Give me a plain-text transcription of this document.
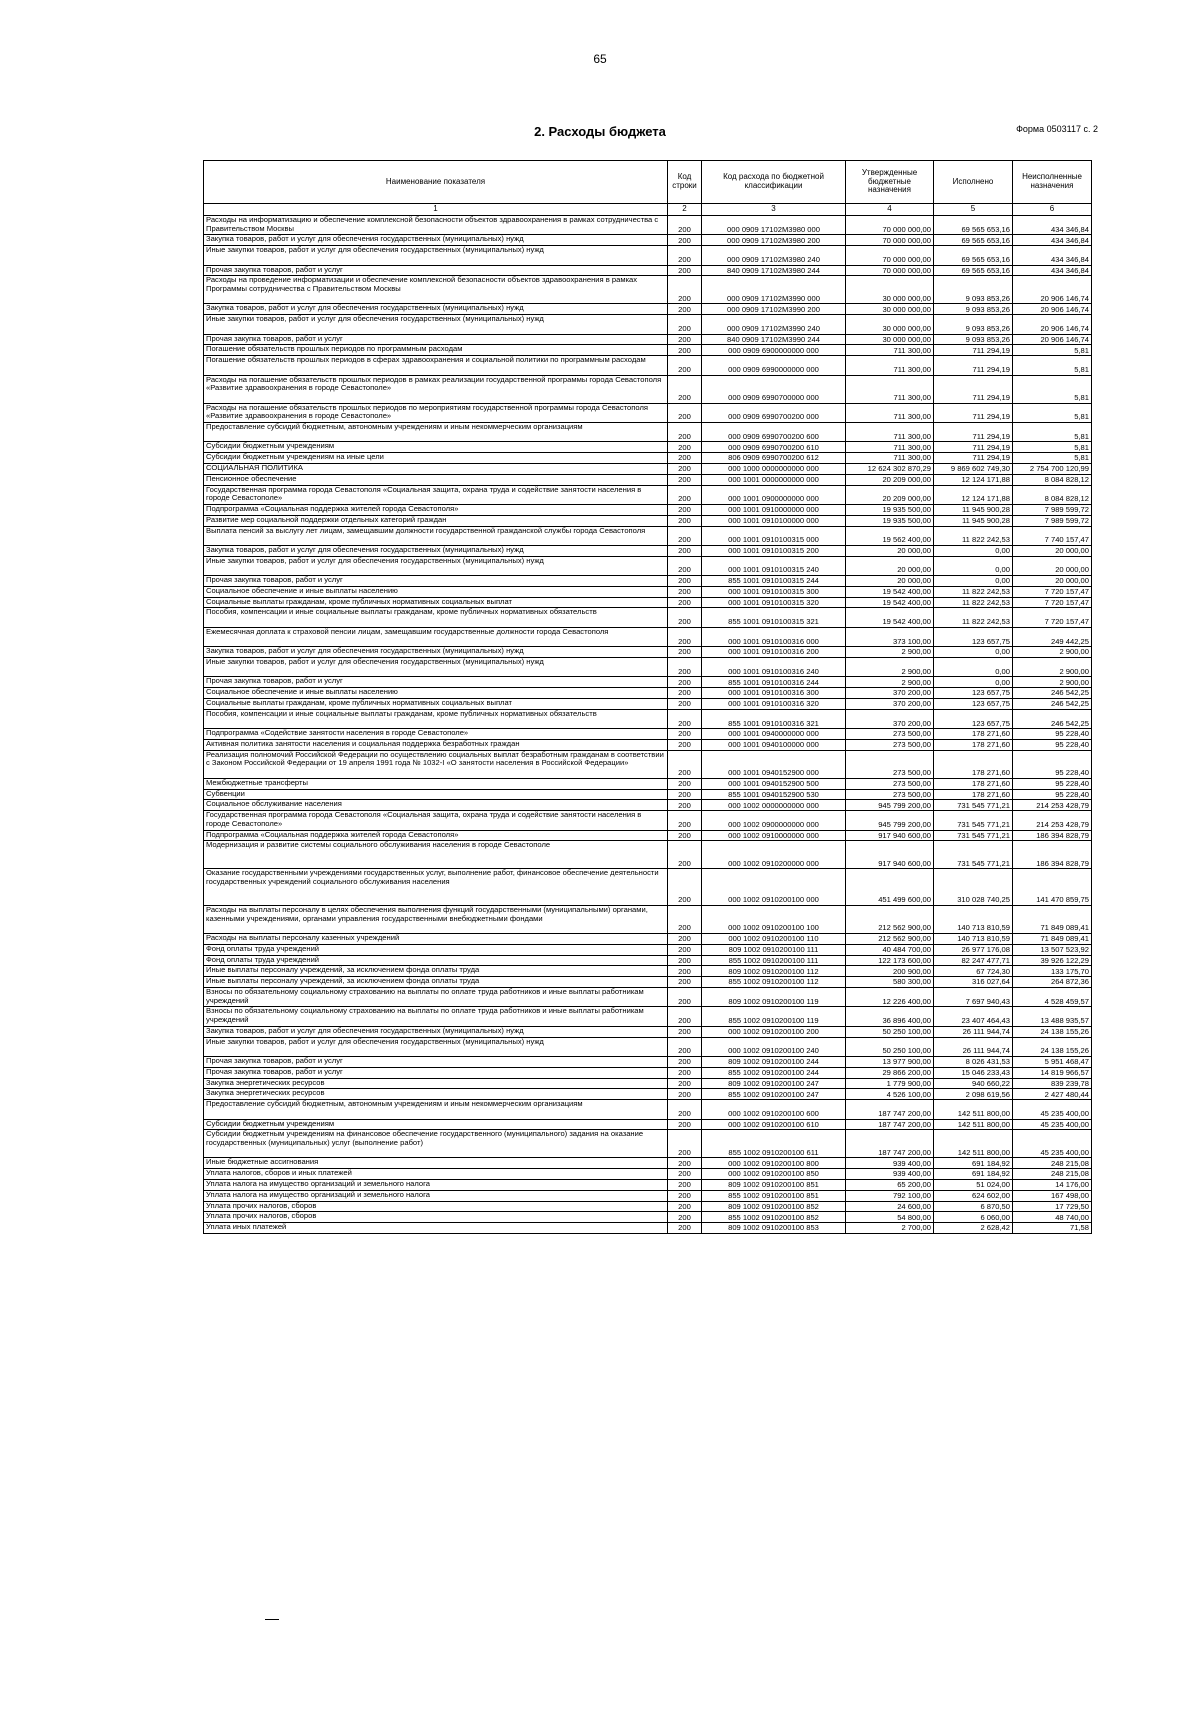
65
Форма 0503117 с. 2
2. Расходы бюджета
Наименование показателя	Код строки	Код расхода по бюджетной классификации	Утвержденные бюджетные назначения	Исполнено	Неисполненные назначения
1	2	3	4	5	6
Расходы на информатизацию и обеспечение комплексной безопасности объектов здравоохранения в рамках сотрудничества с Правительством Москвы	200	000 0909 17102M3980 000	70 000 000,00	69 565 653,16	434 346,84
Закупка товаров, работ и услуг для обеспечения государственных (муниципальных) нужд	200	000 0909 17102M3980 200	70 000 000,00	69 565 653,16	434 346,84
Иные закупки товаров, работ и услуг для обеспечения государственных (муниципальных) нужд	200	000 0909 17102M3980 240	70 000 000,00	69 565 653,16	434 346,84
Прочая закупка товаров, работ и услуг	200	840 0909 17102M3980 244	70 000 000,00	69 565 653,16	434 346,84
Расходы на проведение информатизации и обеспечение комплексной безопасности объектов здравоохранения в рамках Программы сотрудничества с Правительством Москвы	200	000 0909 17102M3990 000	30 000 000,00	9 093 853,26	20 906 146,74
Закупка товаров, работ и услуг для обеспечения государственных (муниципальных) нужд	200	000 0909 17102M3990 200	30 000 000,00	9 093 853,26	20 906 146,74
Иные закупки товаров, работ и услуг для обеспечения государственных (муниципальных) нужд	200	000 0909 17102M3990 240	30 000 000,00	9 093 853,26	20 906 146,74
Прочая закупка товаров, работ и услуг	200	840 0909 17102M3990 244	30 000 000,00	9 093 853,26	20 906 146,74
Погашение обязательств прошлых периодов по программным расходам	200	000 0909 6900000000 000	711 300,00	711 294,19	5,81
Погашение обязательств прошлых периодов в сферах здравоохранения и социальной политики по программным расходам	200	000 0909 6990000000 000	711 300,00	711 294,19	5,81
Расходы на погашение обязательств прошлых периодов в рамках реализации государственной программы города Севастополя «Развитие здравоохранения в городе Севастополе»	200	000 0909 6990700000 000	711 300,00	711 294,19	5,81
Расходы на погашение обязательств прошлых периодов по мероприятиям государственной программы города Севастополя «Развитие здравоохранения в городе Севастополе»	200	000 0909 6990700200 000	711 300,00	711 294,19	5,81
Предоставление субсидий бюджетным, автономным учреждениям и иным некоммерческим организациям	200	000 0909 6990700200 600	711 300,00	711 294,19	5,81
Субсидии бюджетным учреждениям	200	000 0909 6990700200 610	711 300,00	711 294,19	5,81
Субсидии бюджетным учреждениям на иные цели	200	806 0909 6990700200 612	711 300,00	711 294,19	5,81
СОЦИАЛЬНАЯ ПОЛИТИКА	200	000 1000 0000000000 000	12 624 302 870,29	9 869 602 749,30	2 754 700 120,99
Пенсионное обеспечение	200	000 1001 0000000000 000	20 209 000,00	12 124 171,88	8 084 828,12
Государственная программа города Севастополя «Социальная защита, охрана труда и содействие занятости населения в городе Севастополе»	200	000 1001 0900000000 000	20 209 000,00	12 124 171,88	8 084 828,12
Подпрограмма «Социальная поддержка жителей города Севастополя»	200	000 1001 0910000000 000	19 935 500,00	11 945 900,28	7 989 599,72
Развитие мер социальной поддержки отдельных категорий граждан	200	000 1001 0910100000 000	19 935 500,00	11 945 900,28	7 989 599,72
Выплата пенсий за выслугу лет лицам, замещавшим должности государственной гражданской службы города Севастополя	200	000 1001 0910100315 000	19 562 400,00	11 822 242,53	7 740 157,47
Закупка товаров, работ и услуг для обеспечения государственных (муниципальных) нужд	200	000 1001 0910100315 200	20 000,00	0,00	20 000,00
Иные закупки товаров, работ и услуг для обеспечения государственных (муниципальных) нужд	200	000 1001 0910100315 240	20 000,00	0,00	20 000,00
Прочая закупка товаров, работ и услуг	200	855 1001 0910100315 244	20 000,00	0,00	20 000,00
Социальное обеспечение и иные выплаты населению	200	000 1001 0910100315 300	19 542 400,00	11 822 242,53	7 720 157,47
Социальные выплаты гражданам, кроме публичных нормативных социальных выплат	200	000 1001 0910100315 320	19 542 400,00	11 822 242,53	7 720 157,47
Пособия, компенсации и иные социальные выплаты гражданам, кроме публичных нормативных обязательств	200	855 1001 0910100315 321	19 542 400,00	11 822 242,53	7 720 157,47
Ежемесячная доплата к страховой пенсии лицам, замещавшим государственные должности города Севастополя	200	000 1001 0910100316 000	373 100,00	123 657,75	249 442,25
Закупка товаров, работ и услуг для обеспечения государственных (муниципальных) нужд	200	000 1001 0910100316 200	2 900,00	0,00	2 900,00
Иные закупки товаров, работ и услуг для обеспечения государственных (муниципальных) нужд	200	000 1001 0910100316 240	2 900,00	0,00	2 900,00
Прочая закупка товаров, работ и услуг	200	855 1001 0910100316 244	2 900,00	0,00	2 900,00
Социальное обеспечение и иные выплаты населению	200	000 1001 0910100316 300	370 200,00	123 657,75	246 542,25
Социальные выплаты гражданам, кроме публичных нормативных социальных выплат	200	000 1001 0910100316 320	370 200,00	123 657,75	246 542,25
Пособия, компенсации и иные социальные выплаты гражданам, кроме публичных нормативных обязательств	200	855 1001 0910100316 321	370 200,00	123 657,75	246 542,25
Подпрограмма «Содействие занятости населения в городе Севастополе»	200	000 1001 0940000000 000	273 500,00	178 271,60	95 228,40
Активная политика занятости населения и социальная поддержка безработных граждан	200	000 1001 0940100000 000	273 500,00	178 271,60	95 228,40
Реализация полномочий Российской Федерации по осуществлению социальных выплат безработным гражданам в соответствии с Законом Российской Федерации от 19 апреля 1991 года № 1032-I «О занятости населения в Российской Федерации»	200	000 1001 0940152900 000	273 500,00	178 271,60	95 228,40
Межбюджетные трансферты	200	000 1001 0940152900 500	273 500,00	178 271,60	95 228,40
Субвенции	200	855 1001 0940152900 530	273 500,00	178 271,60	95 228,40
Социальное обслуживание населения	200	000 1002 0000000000 000	945 799 200,00	731 545 771,21	214 253 428,79
Государственная программа города Севастополя «Социальная защита, охрана труда и содействие занятости населения в городе Севастополе»	200	000 1002 0900000000 000	945 799 200,00	731 545 771,21	214 253 428,79
Подпрограмма «Социальная поддержка жителей города Севастополя»	200	000 1002 0910000000 000	917 940 600,00	731 545 771,21	186 394 828,79
Модернизация и развитие системы социального обслуживания населения в городе Севастополе	200	000 1002 0910200000 000	917 940 600,00	731 545 771,21	186 394 828,79
Оказание государственными учреждениями государственных услуг, выполнение работ, финансовое обеспечение деятельности государственных учреждений социального обслуживания населения	200	000 1002 0910200100 000	451 499 600,00	310 028 740,25	141 470 859,75
Расходы на выплаты персоналу в целях обеспечения выполнения функций государственными (муниципальными) органами, казенными учреждениями, органами управления государственными внебюджетными фондами	200	000 1002 0910200100 100	212 562 900,00	140 713 810,59	71 849 089,41
Расходы на выплаты персоналу казенных учреждений	200	000 1002 0910200100 110	212 562 900,00	140 713 810,59	71 849 089,41
Фонд оплаты труда учреждений	200	809 1002 0910200100 111	40 484 700,00	26 977 176,08	13 507 523,92
Фонд оплаты труда учреждений	200	855 1002 0910200100 111	122 173 600,00	82 247 477,71	39 926 122,29
Иные выплаты персоналу учреждений, за исключением фонда оплаты труда	200	809 1002 0910200100 112	200 900,00	67 724,30	133 175,70
Иные выплаты персоналу учреждений, за исключением фонда оплаты труда	200	855 1002 0910200100 112	580 300,00	316 027,64	264 872,36
Взносы по обязательному социальному страхованию на выплаты по оплате труда работников и иные выплаты работникам учреждений	200	809 1002 0910200100 119	12 226 400,00	7 697 940,43	4 528 459,57
Взносы по обязательному социальному страхованию на выплаты по оплате труда работников и иные выплаты работникам учреждений	200	855 1002 0910200100 119	36 896 400,00	23 407 464,43	13 488 935,57
Закупка товаров, работ и услуг для обеспечения государственных (муниципальных) нужд	200	000 1002 0910200100 200	50 250 100,00	26 111 944,74	24 138 155,26
Иные закупки товаров, работ и услуг для обеспечения государственных (муниципальных) нужд	200	000 1002 0910200100 240	50 250 100,00	26 111 944,74	24 138 155,26
Прочая закупка товаров, работ и услуг	200	809 1002 0910200100 244	13 977 900,00	8 026 431,53	5 951 468,47
Прочая закупка товаров, работ и услуг	200	855 1002 0910200100 244	29 866 200,00	15 046 233,43	14 819 966,57
Закупка энергетических ресурсов	200	809 1002 0910200100 247	1 779 900,00	940 660,22	839 239,78
Закупка энергетических ресурсов	200	855 1002 0910200100 247	4 526 100,00	2 098 619,56	2 427 480,44
Предоставление субсидий бюджетным, автономным учреждениям и иным некоммерческим организациям	200	000 1002 0910200100 600	187 747 200,00	142 511 800,00	45 235 400,00
Субсидии бюджетным учреждениям	200	000 1002 0910200100 610	187 747 200,00	142 511 800,00	45 235 400,00
Субсидии бюджетным учреждениям на финансовое обеспечение государственного (муниципального) задания на оказание государственных (муниципальных) услуг (выполнение работ)	200	855 1002 0910200100 611	187 747 200,00	142 511 800,00	45 235 400,00
Иные бюджетные ассигнования	200	000 1002 0910200100 800	939 400,00	691 184,92	248 215,08
Уплата налогов, сборов и иных платежей	200	000 1002 0910200100 850	939 400,00	691 184,92	248 215,08
Уплата налога на имущество организаций и земельного налога	200	809 1002 0910200100 851	65 200,00	51 024,00	14 176,00
Уплата налога на имущество организаций и земельного налога	200	855 1002 0910200100 851	792 100,00	624 602,00	167 498,00
Уплата прочих налогов, сборов	200	809 1002 0910200100 852	24 600,00	6 870,50	17 729,50
Уплата прочих налогов, сборов	200	855 1002 0910200100 852	54 800,00	6 060,00	48 740,00
Уплата иных платежей	200	809 1002 0910200100 853	2 700,00	2 628,42	71,58
